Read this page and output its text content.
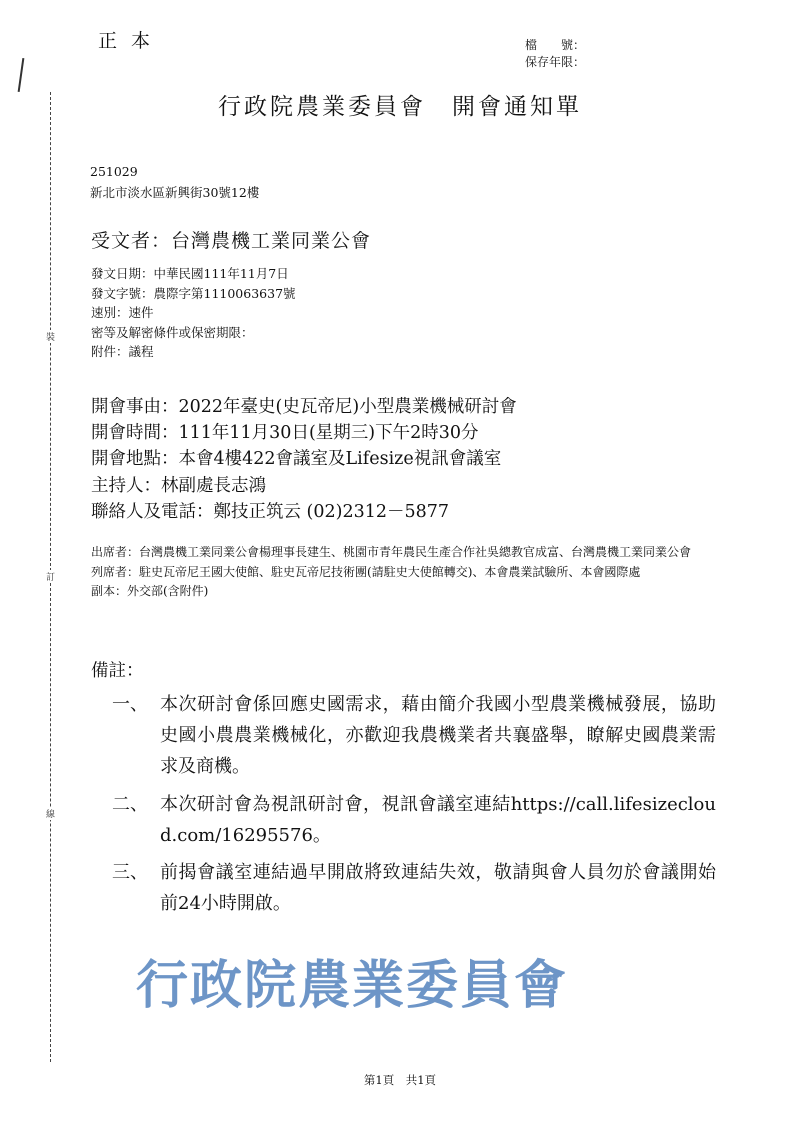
正本	檔　　號：
保存年限：
裝
訂
線
行政院農業委員會　開會通知單
251029
新北市淡水區新興街30號12樓
受文者：台灣農機工業同業公會
發文日期：中華民國111年11月7日
發文字號：農際字第1110063637號
速別：速件
密等及解密條件或保密期限：
附件：議程
開會事由：2022年臺史(史瓦帝尼)小型農業機械研討會
開會時間：111年11月30日(星期三)下午2時30分
開會地點：本會4樓422會議室及Lifesize視訊會議室
主持人：林副處長志鴻
聯絡人及電話：鄭技正筑云 (02)2312－5877
出席者： 台灣農機工業同業公會楊理事長建生、桃園市青年農民生產合作社吳總教官成富、台灣農機工業同業公會
列席者： 駐史瓦帝尼王國大使館、駐史瓦帝尼技術團(請駐史大使館轉交)、本會農業試驗所、本會國際處
副本：外交部(含附件)
備註：
一、 本次研討會係回應史國需求，藉由簡介我國小型農業機械發展，協助史國小農農業機械化，亦歡迎我農機業者共襄盛舉，瞭解史國農業需求及商機。
二、 本次研討會為視訊研討會，視訊會議室連結https://call.lifesizecloud.com/16295576。
三、 前揭會議室連結過早開啟將致連結失效，敬請與會人員勿於會議開始前24小時開啟。
行政院農業委員會
第1頁　共1頁
